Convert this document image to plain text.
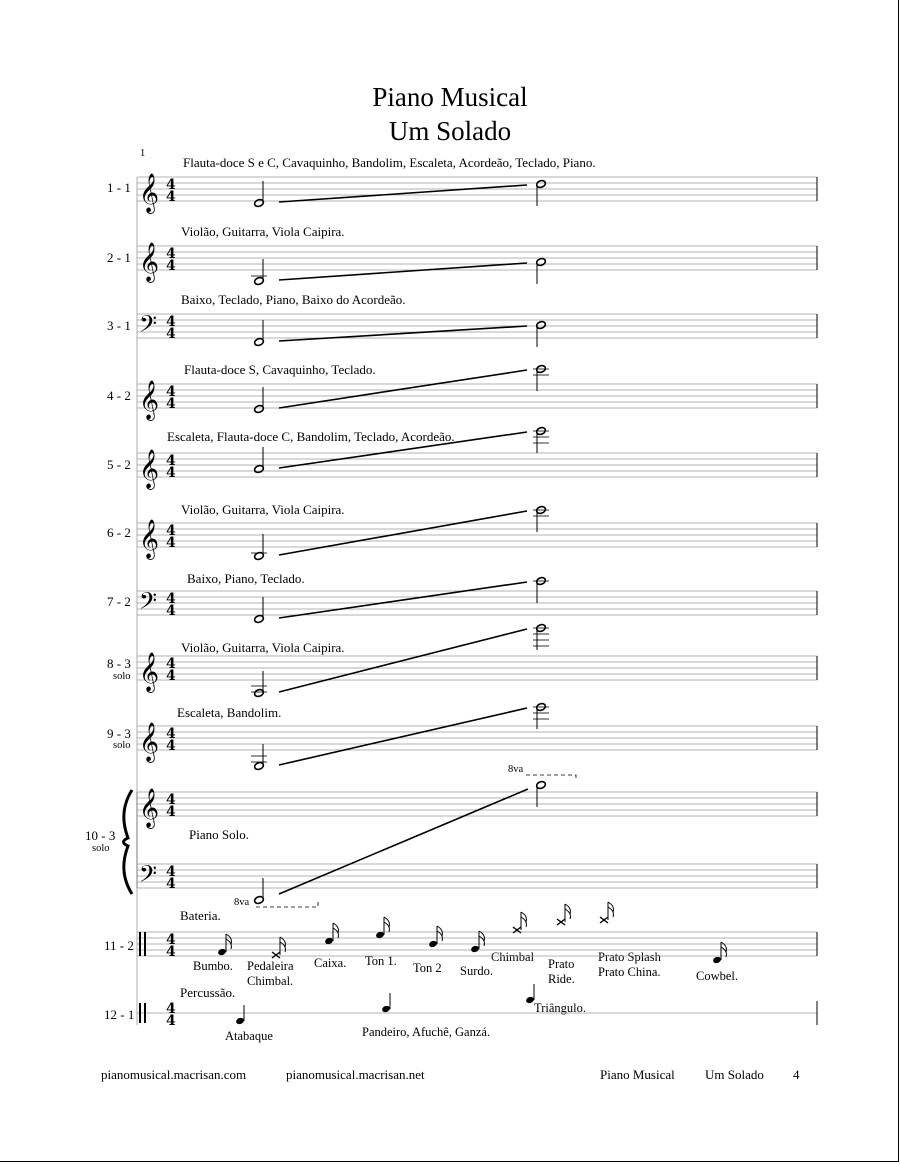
Piano Musical
Um Solado
1
1 - 1
2 - 1
3 - 1
4 - 2
5 - 2
6 - 2
7 - 2
8 - 3
solo
9 - 3
solo
10 - 3
solo
11 - 2
12 - 1
Flauta-doce S e C, Cavaquinho, Bandolim, Escaleta, Acordeão, Teclado, Piano.
Violão, Guitarra, Viola Caipira.
Baixo, Teclado, Piano, Baixo do Acordeão.
Flauta-doce S, Cavaquinho, Teclado.
Escaleta, Flauta-doce C, Bandolim, Teclado, Acordeão.
Violão, Guitarra, Viola Caipira.
Baixo, Piano, Teclado.
Violão, Guitarra, Viola Caipira.
Escaleta, Bandolim.
Piano Solo.
8va
8va
Bateria.
Percussão.
Bumbo. Pedaleira
Chimbal.
Caixa. Ton 1. Ton 2 Surdo.
Chimbal Prato
Ride.
Prato Splash
Prato China.	Cowbel.
Atabaque	Pandeiro, Afuchê, Ganzá.
Triângulo.
pianomusical.macrisan.com	pianomusical.macrisan.net	Piano Musical Um Solado 4
𝄞 4
4
𝄞 4
4
𝄢 4
4
𝄞 4
4
𝄞 4
4
𝄞 4
4
𝄢 4
4
𝄞 4
4
𝄞 4
4
𝄞
𝄢
4
4
4
4
4
4
4
4
